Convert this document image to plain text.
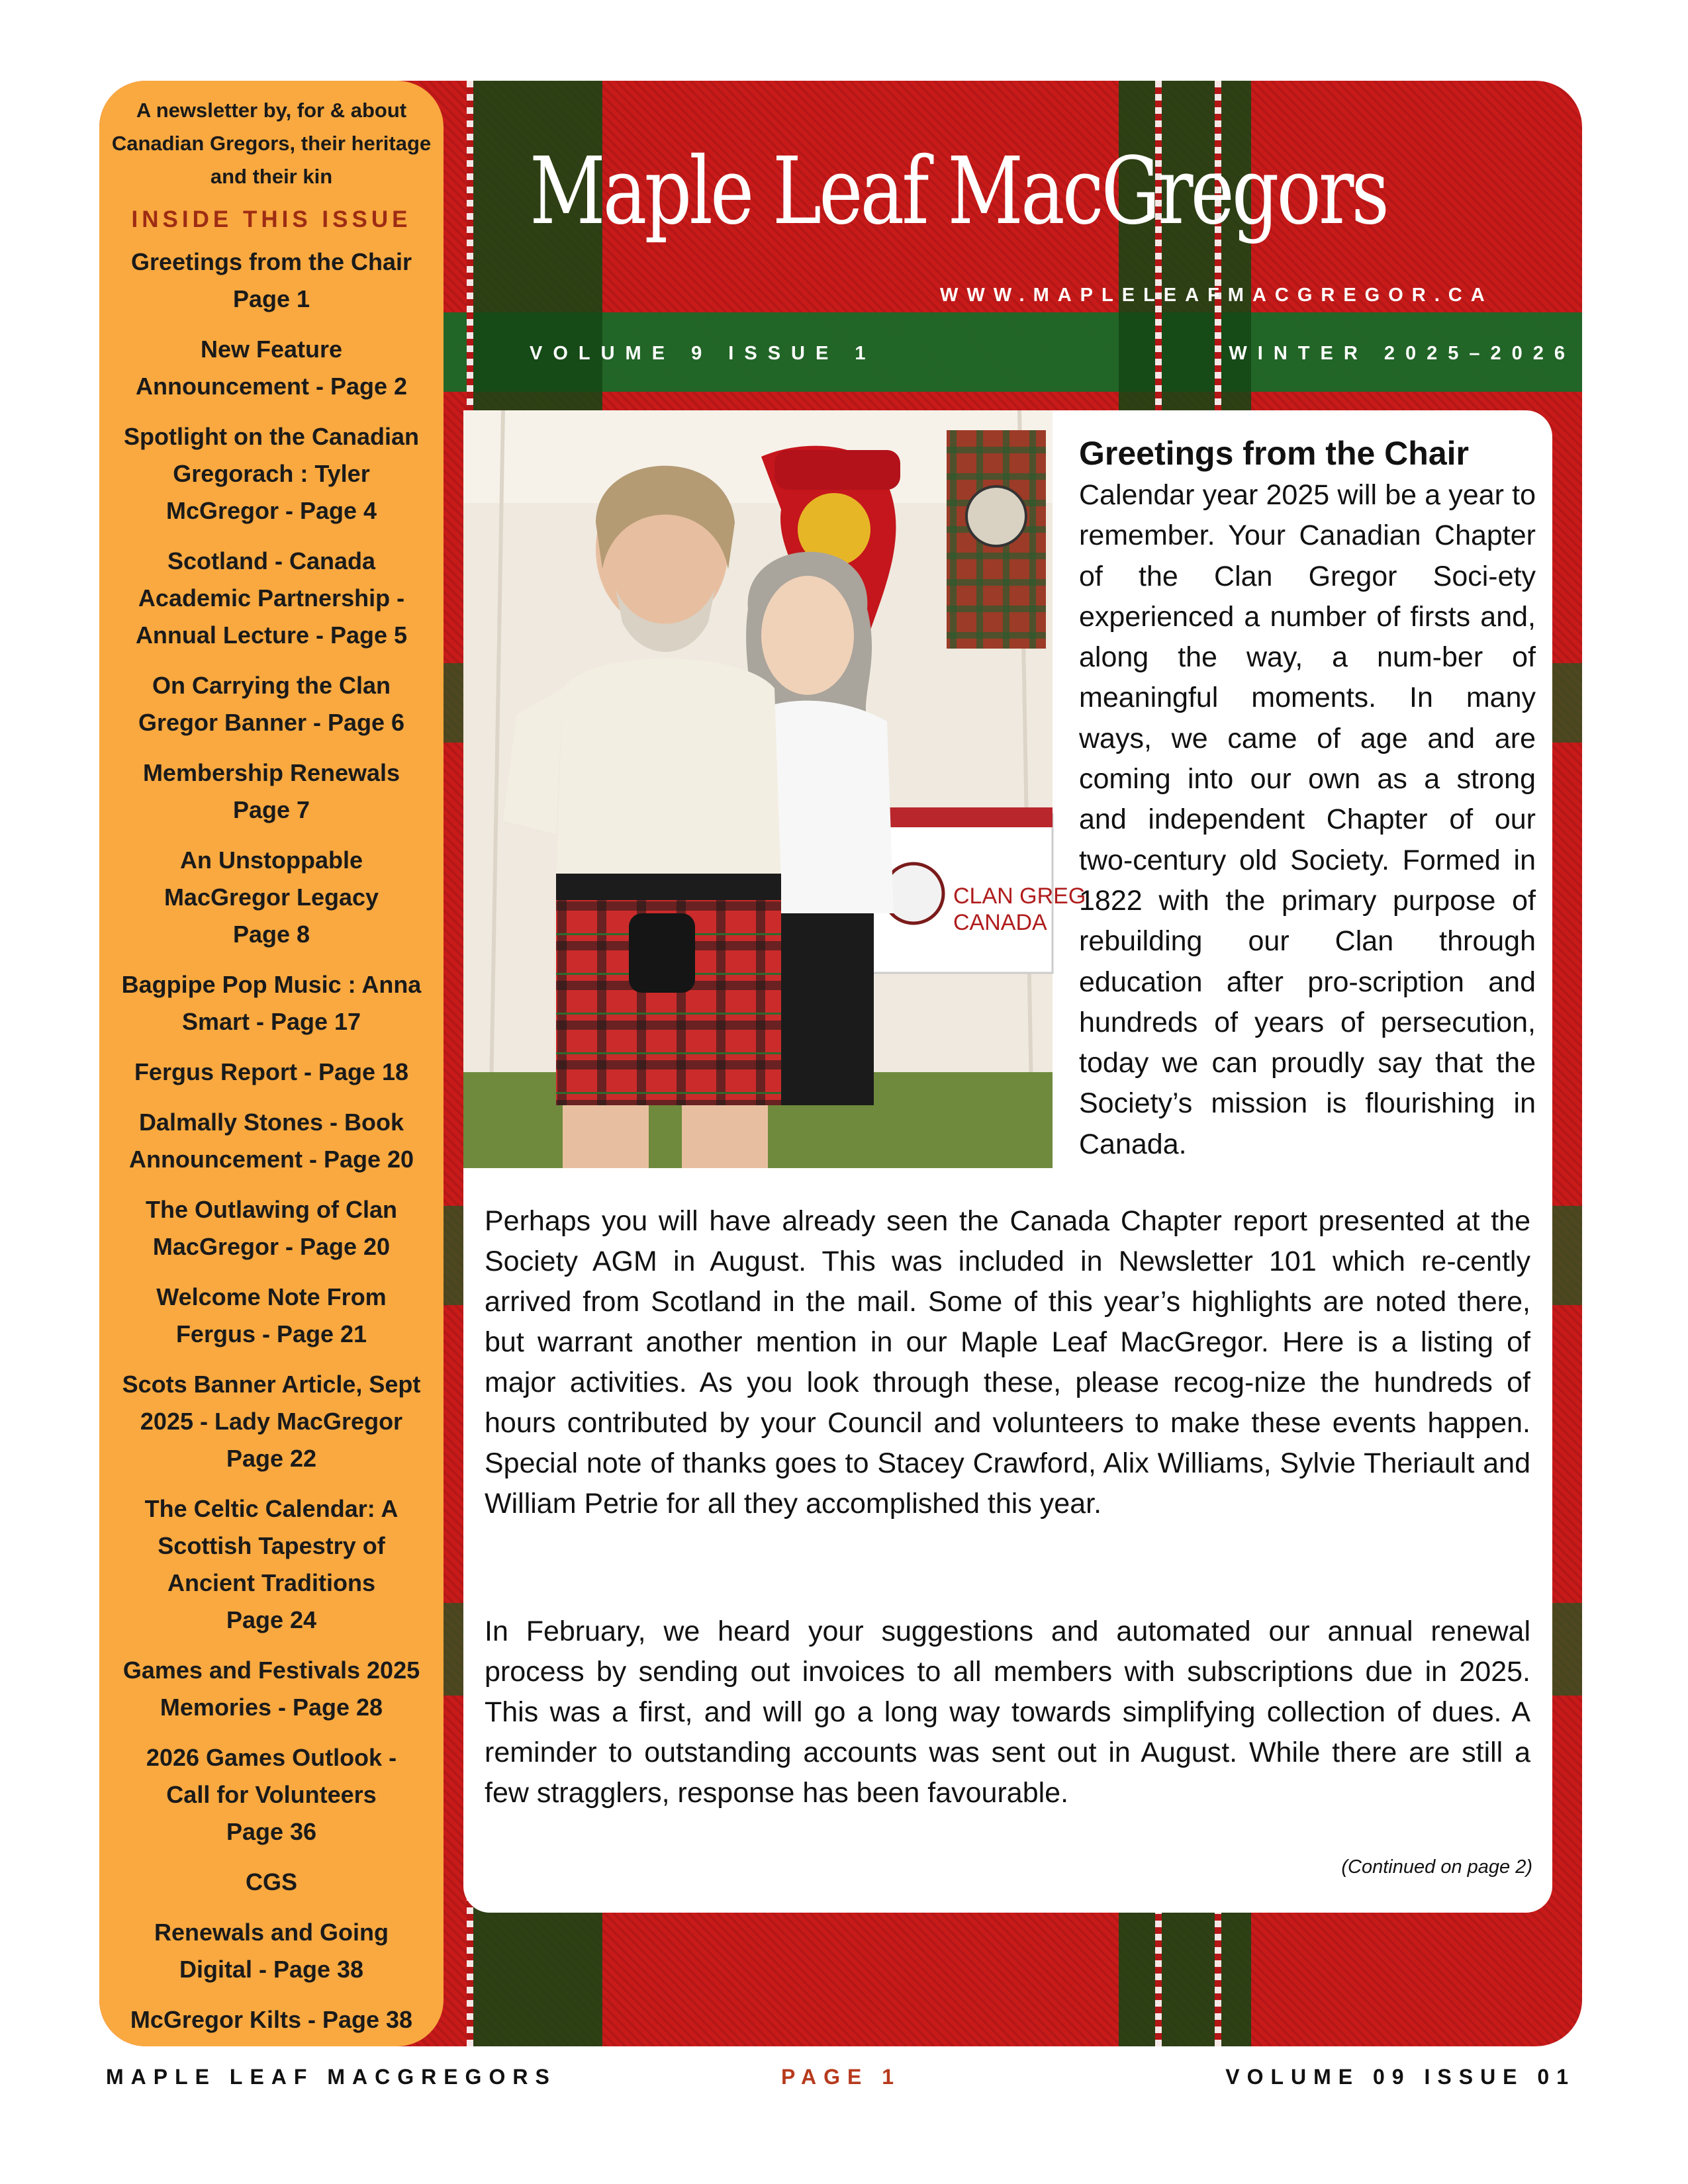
A newsletter by, for & about Canadian Gregors, their heritage and their kin

INSIDE THIS ISSUE

Greetings from the Chair
Page 1

New Feature
Announcement - Page 2

Spotlight on the Canadian
Gregorach : Tyler
McGregor - Page 4

Scotland - Canada
Academic Partnership -
Annual Lecture - Page 5

On Carrying the Clan
Gregor Banner - Page 6

Membership Renewals
Page 7

An Unstoppable
MacGregor Legacy
Page 8

Bagpipe Pop Music : Anna
Smart - Page 17

Fergus Report - Page 18

Dalmally Stones - Book
Announcement - Page 20

The Outlawing of Clan
MacGregor - Page 20

Welcome Note From
Fergus - Page 21

Scots Banner Article, Sept
2025 - Lady MacGregor
Page 22

The Celtic Calendar: A
Scottish Tapestry of
Ancient Traditions
Page 24

Games and Festivals 2025
Memories - Page 28

2026 Games Outlook -
Call for Volunteers
Page 36

CGS

Renewals and Going
Digital - Page 38

McGregor Kilts - Page 38

Maple Leaf MacGregors
WWW.MAPLELEAFMACGREGOR.CA
VOLUME 9 ISSUE 1	WINTER 2025–2026
CLAN GREG CANADA
Greetings from the Chair

Calendar year 2025 will be a year to remember. Your Canadian Chapter of the Clan Gregor Soci-ety experienced a number of firsts and, along the way, a num-ber of meaningful moments. In many ways, we came of age and are coming into our own as a strong and independent Chapter of our two-century old Society. Formed in 1822 with the primary purpose of rebuilding our Clan through education after pro-scription and hundreds of years of persecution, today we can proudly say that the Society’s mission is flourishing in Canada.

Perhaps you will have already seen the Canada Chapter report presented at the Society AGM in August. This was included in Newsletter 101 which re-cently arrived from Scotland in the mail. Some of this year’s highlights are noted there, but warrant another mention in our Maple Leaf MacGregor. Here is a listing of major activities. As you look through these, please recog-nize the hundreds of hours contributed by your Council and volunteers to make these events happen. Special note of thanks goes to Stacey Crawford, Alix Williams, Sylvie Theriault and William Petrie for all they accomplished this year.

In February, we heard your suggestions and automated our annual renewal process by sending out invoices to all members with subscriptions due in 2025. This was a first, and will go a long way towards simplifying collection of dues. A reminder to outstanding accounts was sent out in August. While there are still a few stragglers, response has been favourable.

(Continued on page 2)
MAPLE LEAF MACGREGORS	PAGE 1	VOLUME 09 ISSUE 01
